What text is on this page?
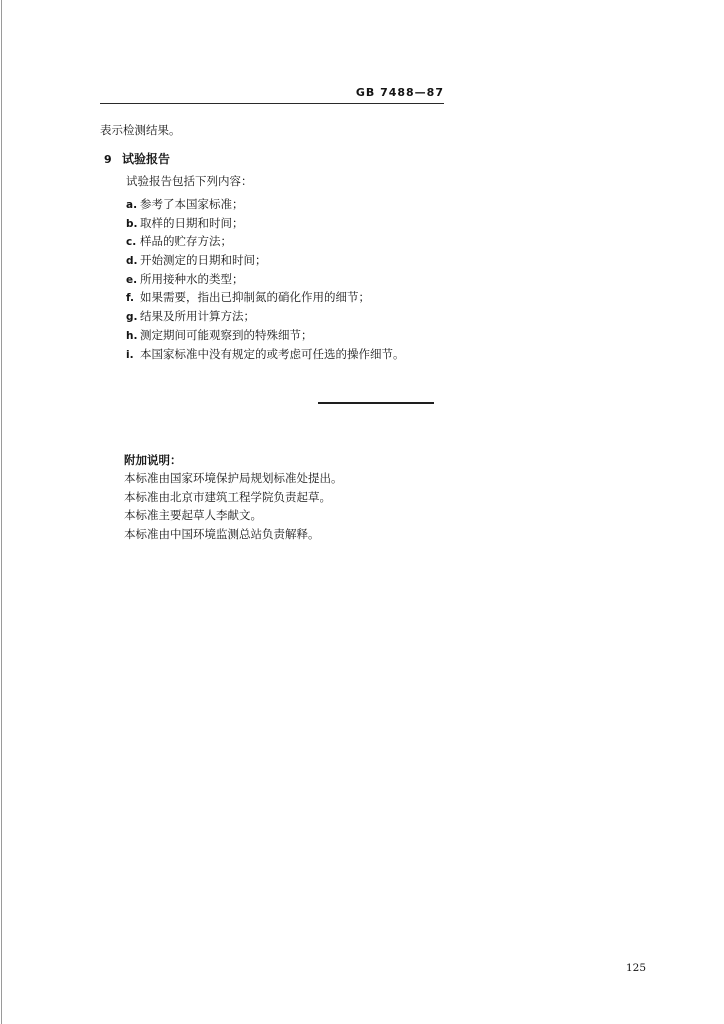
GB 7488—87
表示检测结果。
9 试验报告
试验报告包括下列内容：
a. 参考了本国家标准；
b. 取样的日期和时间；
c. 样品的贮存方法；
d. 开始测定的日期和时间；
e. 所用接种水的类型；
f. 如果需要，指出已抑制氮的硝化作用的细节；
g. 结果及所用计算方法；
h. 测定期间可能观察到的特殊细节；
i. 本国家标准中没有规定的或考虑可任选的操作细节。
附加说明：
本标准由国家环境保护局规划标准处提出。
本标准由北京市建筑工程学院负责起草。
本标准主要起草人李献文。
本标准由中国环境监测总站负责解释。
125
